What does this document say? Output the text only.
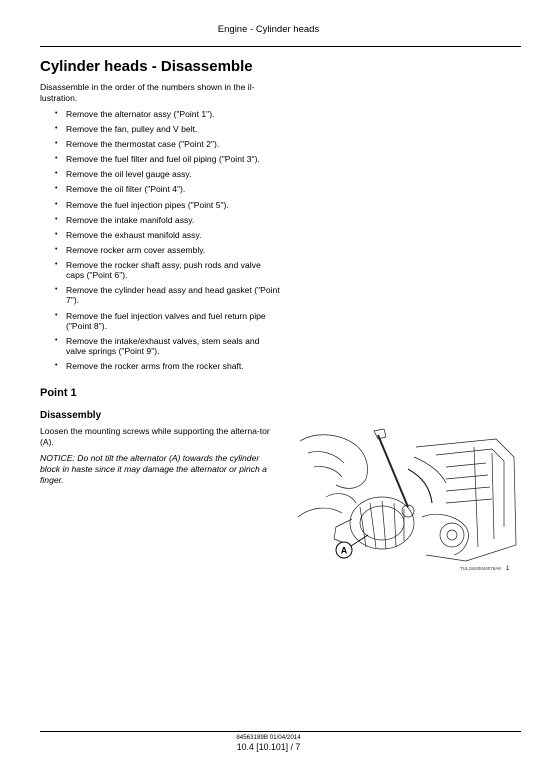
Engine - Cylinder heads
Cylinder heads - Disassemble

Disassemble in the order of the numbers shown in the il-lustration.

• Remove the alternator assy ("Point 1").
• Remove the fan, pulley and V belt.
• Remove the thermostat case ("Point 2").
• Remove the fuel filter and fuel oil piping ("Point 3").
• Remove the oil level gauge assy.
• Remove the oil filter ("Point 4").
• Remove the fuel injection pipes ("Point 5").
• Remove the intake manifold assy.
• Remove the exhaust manifold assy.
• Remove rocker arm cover assembly.
• Remove the rocker shaft assy, push rods and valve caps ("Point 6").
• Remove the cylinder head assy and head gasket ("Point 7").
• Remove the fuel injection valves and fuel return pipe ("Point 8").
• Remove the intake/exhaust valves, stem seals and valve springs ("Point 9").
• Remove the rocker arms from the rocker shaft.
Point 1
Disassembly

Loosen the mounting screws while supporting the alterna-tor (A).

NOTICE: Do not tilt the alternator (A) towards the cylinder block in haste since it may damage the alternator or pinch a finger.

A
TUL19SI0044078A9 1
84563189B 01/04/2014
10.4 [10.101] / 7
